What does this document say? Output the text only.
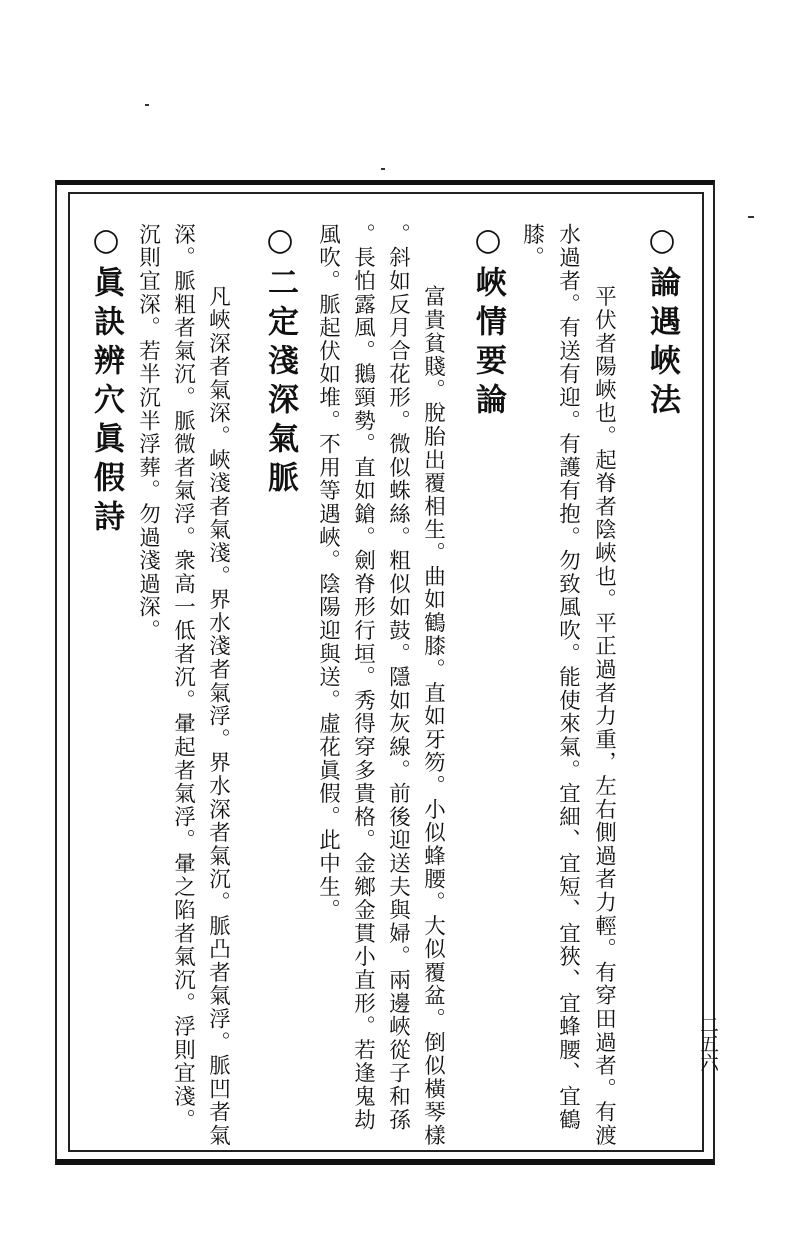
○論遇峽法
　平伏者陽峽也。起脊者陰峽也。平正過者力重，左右側過者力輕。有穿田過者。有渡
水過者。有送有迎。有護有抱。勿致風吹。能使來氣。宜細、宜短、宜狹、宜蜂腰、宜鶴
膝。
○峽情要論
　富貴貧賤。脫胎出覆相生。曲如鶴膝。直如牙笏。小似蜂腰。大似覆盆。倒似橫琴樣
。斜如反月合花形。微似蛛絲。粗似如鼓。隱如灰線。前後迎送夫與婦。兩邊峽從子和孫
。長怕露風。鵝頸勢。直如鎗。劍脊形行垣。秀得穿多貴格。金鄉金貫小直形。若逢鬼劫
風吹。脈起伏如堆。不用等遇峽。陰陽迎與送。虛花眞假。此中生。
○二定淺深氣脈
　凡峽深者氣深。峽淺者氣淺。界水淺者氣浮。界水深者氣沉。脈凸者氣浮。脈凹者氣
深。脈粗者氣沉。脈微者氣浮。衆高一低者沉。暈起者氣浮。暈之陷者氣沉。浮則宜淺。
沉則宜深。若半沉半浮葬。勿過淺過深。
○眞訣辨穴眞假詩
二五六
